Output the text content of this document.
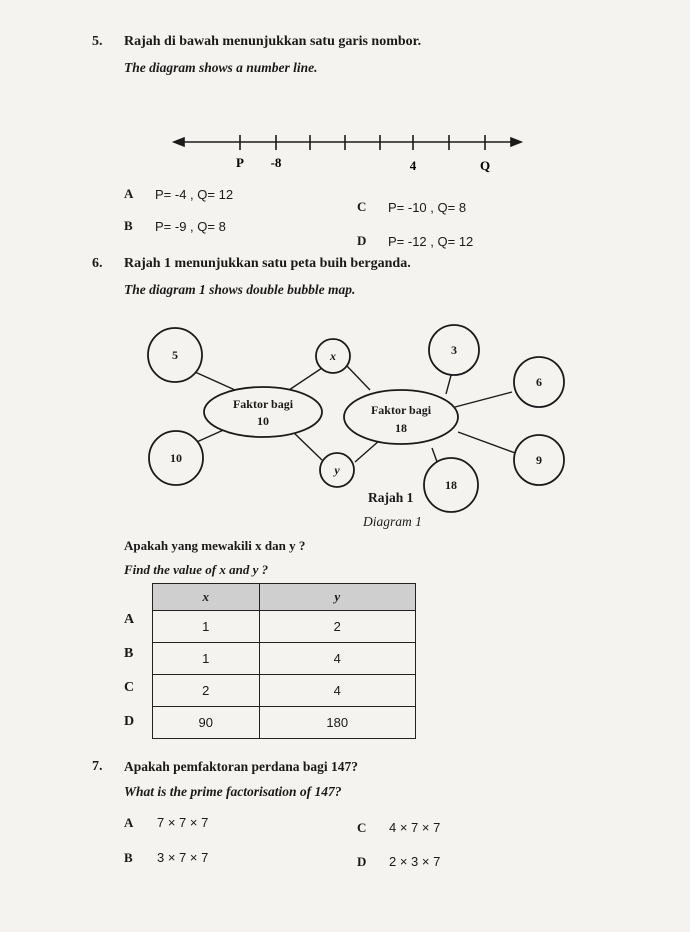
5. Rajah di bawah menunjukkan satu garis nombor.
The diagram shows a number line.
P -8	4	Q
A P= -4 , Q= 12
B P= -9 , Q= 8
C P= -10 , Q= 8
D P= -12 , Q= 12
6. Rajah 1 menunjukkan satu peta buih berganda.
The diagram 1 shows double bubble map.
5
10
x
y
3
6
9
18
Faktor bagi
10
Faktor bagi
18
Rajah 1
Diagram 1
Apakah yang mewakili x dan y ?
Find the value of x and y ?
x	y
1	2
1	4
2	4
90	180
A
B
C
D
7. Apakah pemfaktoran perdana bagi 147?
What is the prime factorisation of 147?
A 7 × 7 × 7
B 3 × 7 × 7
C 4 × 7 × 7
D 2 × 3 × 7
